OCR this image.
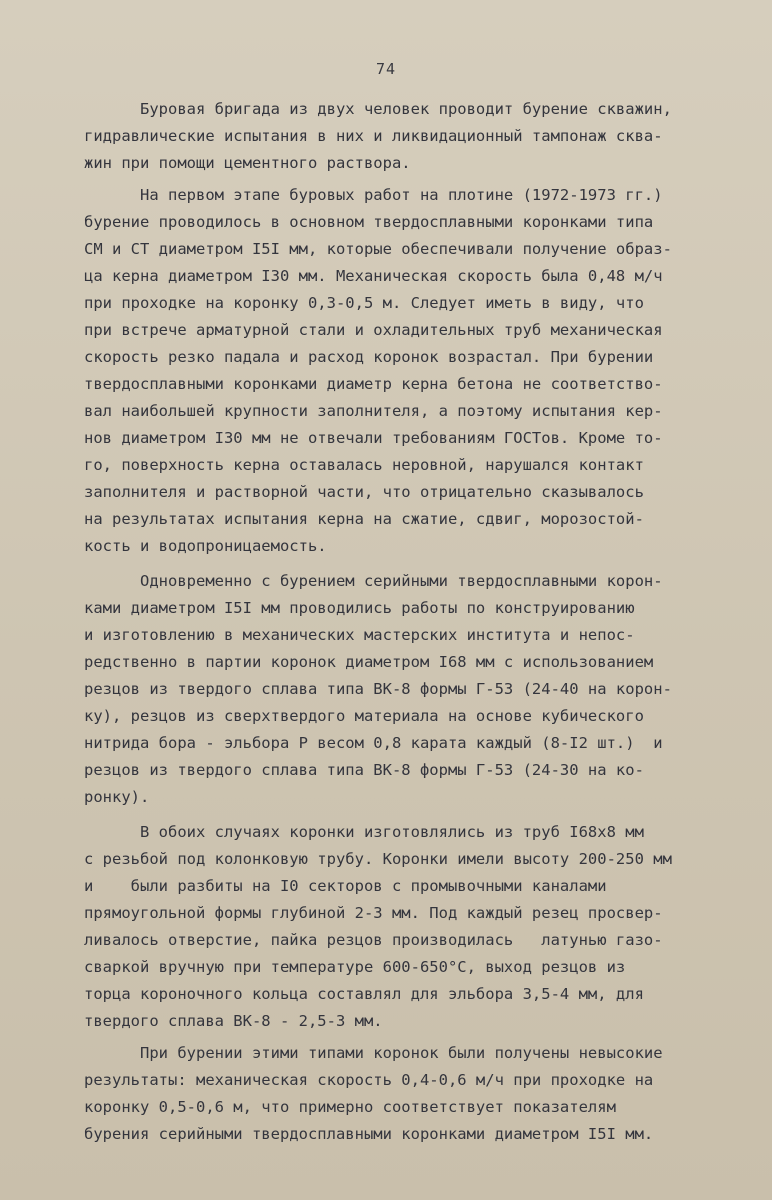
74
Буровая бригада из двух человек проводит бурение скважин,
гидравлические испытания в них и ликвидационный тампонаж сква-
жин при помощи цементного раствора.
На первом этапе буровых работ на плотине (1972-1973 гг.)
бурение проводилось в основном твердосплавными коронками типа
СМ и СТ диаметром I5I мм, которые обеспечивали получение образ-
ца керна диаметром I30 мм. Механическая скорость была 0,48 м/ч
при проходке на коронку 0,3-0,5 м. Следует иметь в виду, что
при встрече арматурной стали и охладительных труб механическая
скорость резко падала и расход коронок возрастал. При бурении
твердосплавными коронками диаметр керна бетона не соответство-
вал наибольшей крупности заполнителя, а поэтому испытания кер-
нов диаметром I30 мм не отвечали требованиям ГОСТов. Кроме то-
го, поверхность керна оставалась неровной, нарушался контакт
заполнителя и растворной части, что отрицательно сказывалось
на результатах испытания керна на сжатие, сдвиг, морозостой-
кость и водопроницаемость.
Одновременно с бурением серийными твердосплавными корон-
ками диаметром I5I мм проводились работы по конструированию
и изготовлению в механических мастерских института и непос-
редственно в партии коронок диаметром I68 мм с использованием
резцов из твердого сплава типа ВК-8 формы Г-53 (24-40 на корон-
ку), резцов из сверхтвердого материала на основе кубического
нитрида бора - эльбора Р весом 0,8 карата каждый (8-I2 шт.)  и
резцов из твердого сплава типа ВК-8 формы Г-53 (24-30 на ко-
ронку).
В обоих случаях коронки изготовлялись из труб I68х8 мм
с резьбой под колонковую трубу. Коронки имели высоту 200-250 мм
и    были разбиты на I0 секторов с промывочными каналами
прямоугольной формы глубиной 2-3 мм. Под каждый резец просвер-
ливалось отверстие, пайка резцов производилась   латунью газо-
сваркой вручную при температуре 600-650°С, выход резцов из
торца короночного кольца составлял для эльбора 3,5-4 мм, для
твердого сплава ВК-8 - 2,5-3 мм.
При бурении этими типами коронок были получены невысокие
результаты: механическая скорость 0,4-0,6 м/ч при проходке на
коронку 0,5-0,6 м, что примерно соответствует показателям
бурения серийными твердосплавными коронками диаметром I5I мм.
